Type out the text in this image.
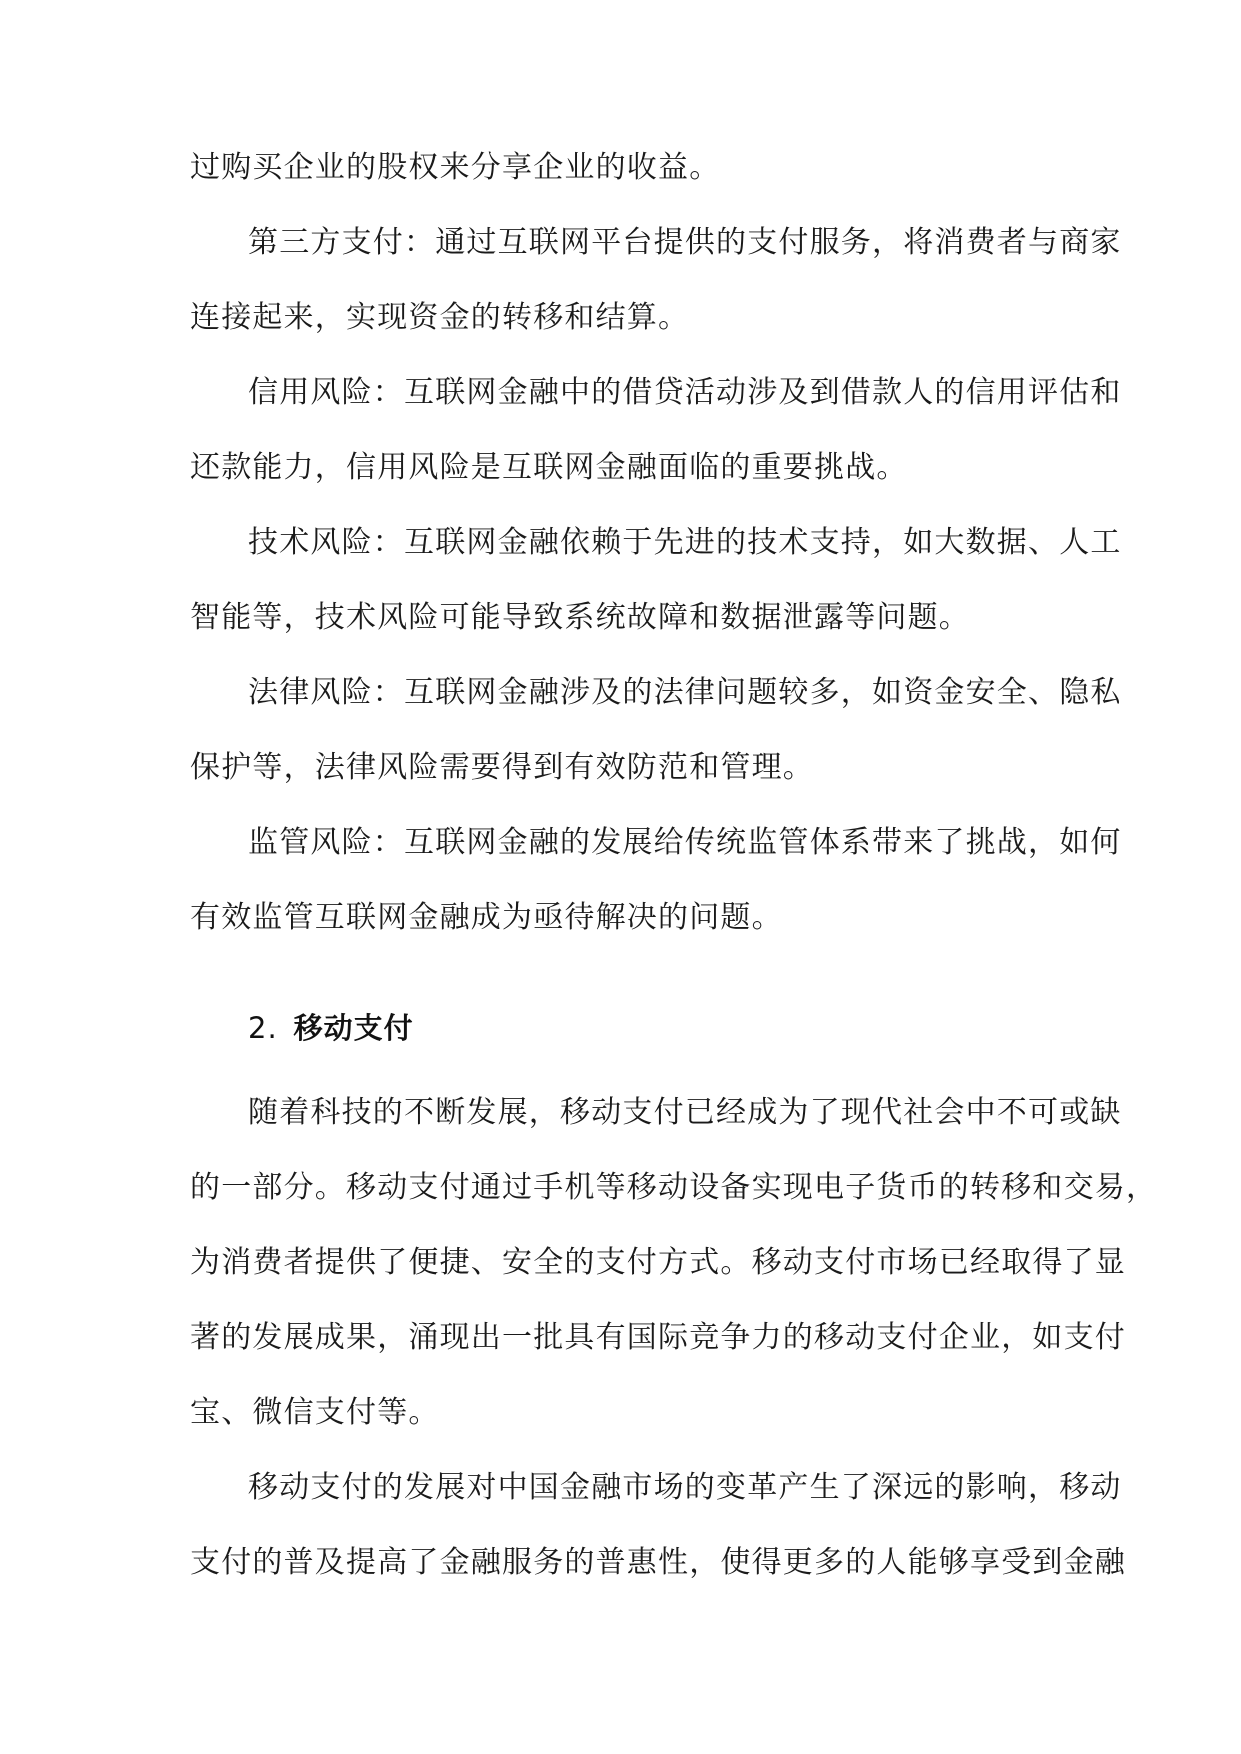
过购买企业的股权来分享企业的收益。
第三方支付：通过互联网平台提供的支付服务，将消费者与商家
连接起来，实现资金的转移和结算。
信用风险：互联网金融中的借贷活动涉及到借款人的信用评估和
还款能力，信用风险是互联网金融面临的重要挑战。
技术风险：互联网金融依赖于先进的技术支持，如大数据、人工
智能等，技术风险可能导致系统故障和数据泄露等问题。
法律风险：互联网金融涉及的法律问题较多，如资金安全、隐私
保护等，法律风险需要得到有效防范和管理。
监管风险：互联网金融的发展给传统监管体系带来了挑战，如何
有效监管互联网金融成为亟待解决的问题。
2. 移动支付
随着科技的不断发展，移动支付已经成为了现代社会中不可或缺
的一部分。移动支付通过手机等移动设备实现电子货币的转移和交易，
为消费者提供了便捷、安全的支付方式。移动支付市场已经取得了显
著的发展成果，涌现出一批具有国际竞争力的移动支付企业，如支付
宝、微信支付等。
移动支付的发展对中国金融市场的变革产生了深远的影响，移动
支付的普及提高了金融服务的普惠性，使得更多的人能够享受到金融
